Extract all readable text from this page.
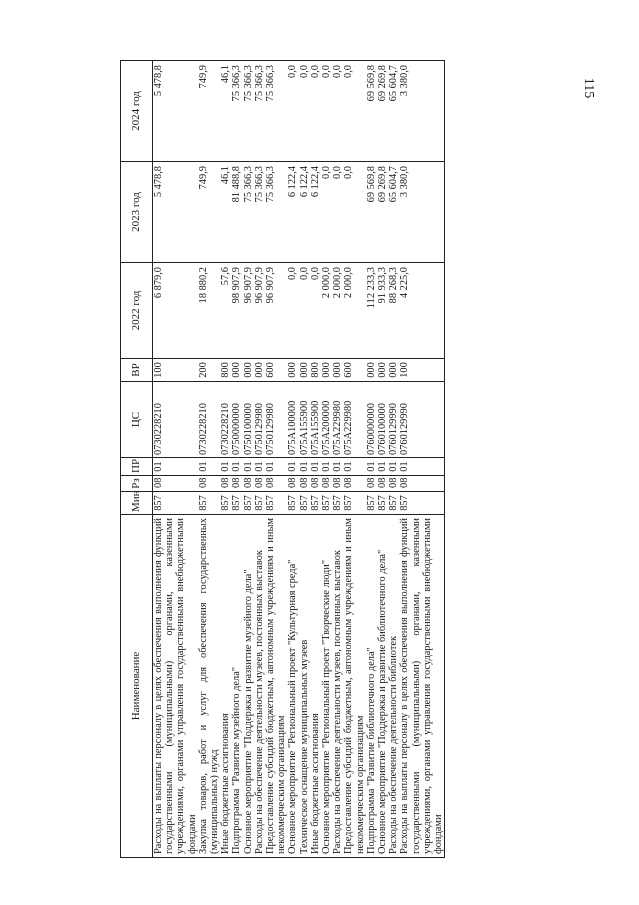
115
Наименование	Мин	Рз	ПР	ЦС	ВР	2022 год	2023 год	2024 год
Расходы на выплаты персоналу в целях обеспечения выполнения функций государственными (муниципальными) органами, казенными учреждениями, органами управления государственными внебюджетными фондами	857	08	01	0730228210	100	6 879,0	5 478,8	5 478,8
Закупка товаров, работ и услуг для обеспечения государственных (муниципальных) нужд	857	08	01	0730228210	200	18 880,2	749,9	749,9
Иные бюджетные ассигнования	857	08	01	0730228210	800	57,6	46,1	46,1
Подпрограмма "Развитие музейного дела"	857	08	01	0750000000	000	98 907,9	81 488,8	75 366,3
Основное мероприятие "Поддержка и развитие музейного дела"	857	08	01	0750100000	000	96 907,9	75 366,3	75 366,3
Расходы на обеспечение деятельности музеев, постоянных выставок	857	08	01	0750129980	000	96 907,9	75 366,3	75 366,3
Предоставление субсидий бюджетным, автономным учреждениям и иным некоммерческим организациям	857	08	01	0750129980	600	96 907,9	75 366,3	75 366,3
Основное мероприятие "Региональный проект "Культурная среда"	857	08	01	075A100000	000	0,0	6 122,4	0,0
Техническое оснащение муниципальных музеев	857	08	01	075A155900	000	0,0	6 122,4	0,0
Иные бюджетные ассигнования	857	08	01	075A155900	800	0,0	6 122,4	0,0
Основное мероприятие "Региональный проект "Творческие люди"	857	08	01	075A200000	000	2 000,0	0,0	0,0
Расходы на обеспечение деятельности музеев, постоянных выставок	857	08	01	075A229980	000	2 000,0	0,0	0,0
Предоставление субсидий бюджетным, автономным учреждениям и иным некоммерческим организациям	857	08	01	075A229980	600	2 000,0	0,0	0,0
Подпрограмма "Развитие библиотечного дела"	857	08	01	0760000000	000	112 233,3	69 569,8	69 569,8
Основное мероприятие "Поддержка и развитие библиотечного дела"	857	08	01	0760100000	000	91 933,3	69 269,8	69 269,8
Расходы на обеспечение деятельности библиотек	857	08	01	0760129990	000	88 268,3	65 604,7	65 604,7
Расходы на выплаты персоналу в целях обеспечения выполнения функций государственными (муниципальными) органами, казенными учреждениями, органами управления государственными внебюджетными фондами	857	08	01	0760129990	100	4 225,0	3 380,0	3 380,0
